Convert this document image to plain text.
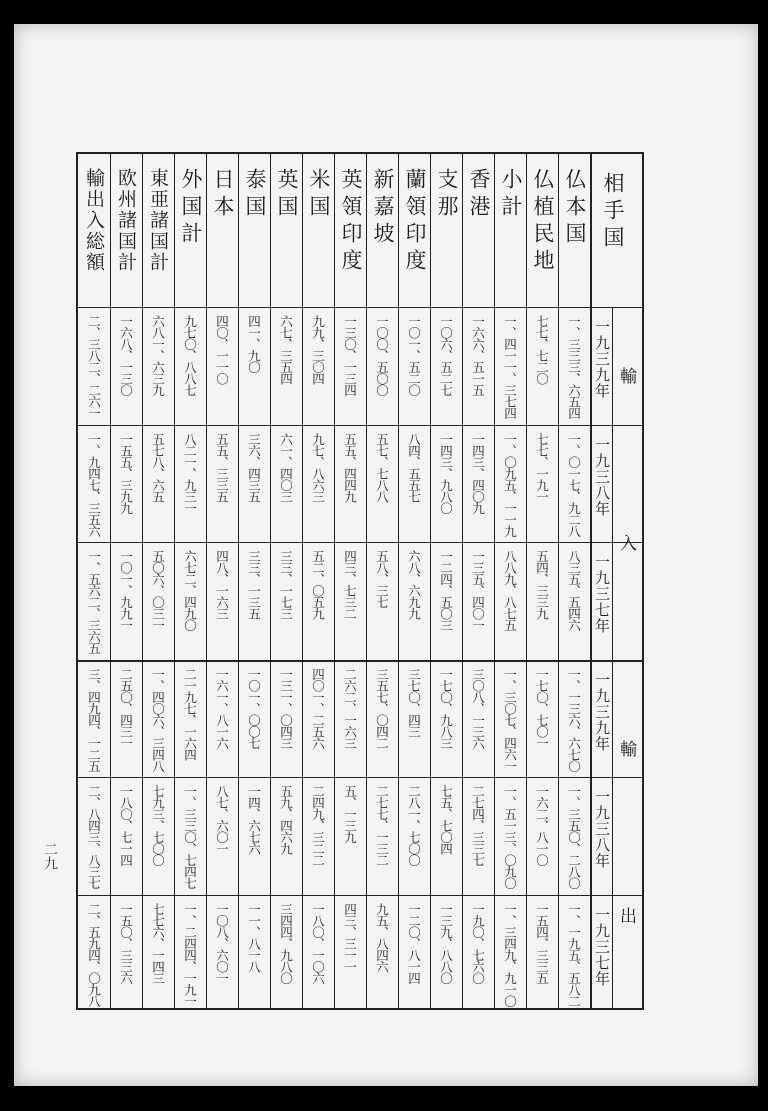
相手国
輸入
輸出
一九三九年
一九三八年
一九三七年
一九三九年
一九三八年
一九三七年
仏本国
一、三三三、六五四
一、〇一七、九二八
八三五、五四六
一、一三六、六七〇
一、三五〇、二八〇
一、一九五、五八二
仏植民地
七七、七二〇
七七、一九一
五四、三三九
一七〇、七〇一
一六二、八一〇
一五四、三三五
小計
一、四一一、三七四
一、〇九五、一一九
八八九、八七五
一、三〇七、四六一
一、五一三、〇九〇
一、三四九、九一〇
香港
一六六、五一五
一四三、四〇九
一三五、四〇一
三〇八、一三六
二七四、三三七
一九〇、七六〇
支那
一〇六、五二七
一四三、九八〇
一二四、五〇三
一七〇、九八三
七五、七〇四
一三九、八八〇
蘭領印度
一〇一、五二〇
八四、五五七
六八、六九九
三七〇、四三
二八一、七〇〇
一二〇、八一四
新嘉坡
一〇〇、五〇〇
五七、七八八
五八、三七
三五七、〇四二
二七七、一三二
九五、八四六
英領印度
一三〇、一三四
五五、四四九
四三、七三二
二六二、一六三
五、一三九
四三、三一一
米国
九九、三〇四
九七、八六三
五二、〇五九
四〇一、二五六
二四九、三二二
一八〇、一〇六
英国
六七、三五四
六一、四〇三
三三、一七三
一三一、〇四三
五九、四六九
三四四、九八〇
泰国
四一、九〇
三六、四三五
三三、一三五
一〇一、〇〇七
一四、六七六
一一、八一八
日本
四〇、一一〇
五五、三三五
四八、一六三
一六一、八一六
八七、六〇一
一〇八、六〇一
外国計
九七〇、八八七
八二一、九三一
六七二、四九〇
二一九七、一六四
一、三三〇、七四七
一、二四四、一九一
東亜諸国計
六八一、六三九
五七八、六五
五〇六、〇三一
一、四〇六、三四八
七九三、七〇〇
七七六、一四三
欧州諸国計
一六八、一三〇
一五五、三九九
一〇一、九九一
二五〇、四三一
一八〇、七一四
一五〇、三三六
輸出入総額
二、三八二、二六一
一、九四七、三五六
一、五六二、三六五
三、四九四、一二五
二、八四三、八三七
二、五九四、〇九八
二九
